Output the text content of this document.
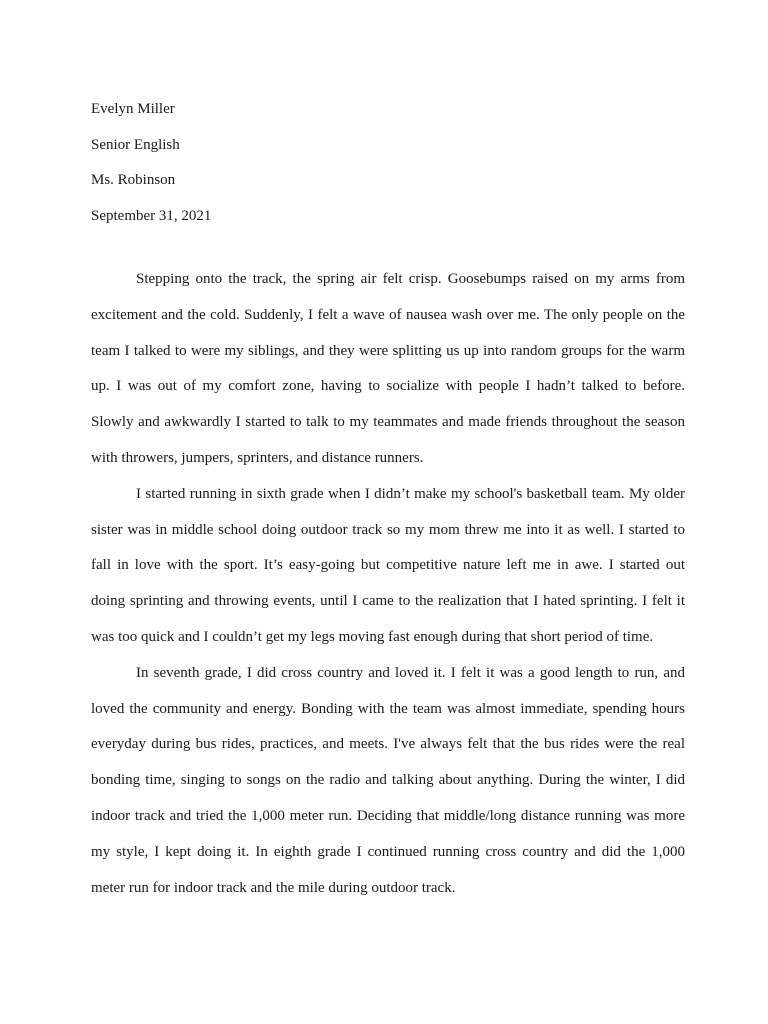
Evelyn Miller
Senior English
Ms. Robinson
September 31, 2021
Stepping onto the track, the spring air felt crisp. Goosebumps raised on my arms from
excitement and the cold. Suddenly, I felt a wave of nausea wash over me. The only people on the
team I talked to were my siblings, and they were splitting us up into random groups for the warm
up. I was out of my comfort zone, having to socialize with people I hadn’t talked to before.
Slowly and awkwardly I started to talk to my teammates and made friends throughout the season
with throwers, jumpers, sprinters, and distance runners.
I started running in sixth grade when I didn’t make my school's basketball team. My older
sister was in middle school doing outdoor track so my mom threw me into it as well. I started to
fall in love with the sport. It’s easy-going but competitive nature left me in awe. I started out
doing sprinting and throwing events, until I came to the realization that I hated sprinting. I felt it
was too quick and I couldn’t get my legs moving fast enough during that short period of time.
In seventh grade, I did cross country and loved it. I felt it was a good length to run, and
loved the community and energy. Bonding with the team was almost immediate, spending hours
everyday during bus rides, practices, and meets. I've always felt that the bus rides were the real
bonding time, singing to songs on the radio and talking about anything. During the winter, I did
indoor track and tried the 1,000 meter run. Deciding that middle/long distance running was more
my style, I kept doing it. In eighth grade I continued running cross country and did the 1,000
meter run for indoor track and the mile during outdoor track.
